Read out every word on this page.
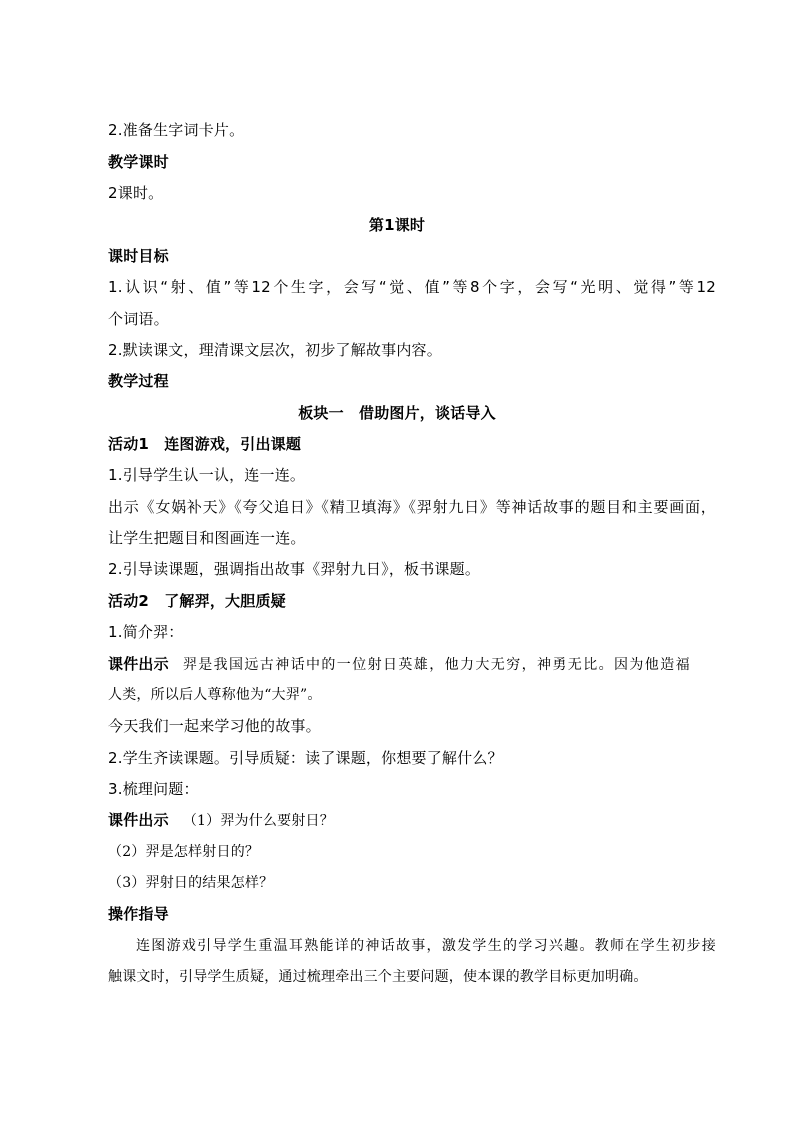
2.准备生字词卡片。
教学课时
2课时。
第1课时
课时目标
1.认识“射、值”等12个生字，会写“觉、值”等8个字，会写“光明、觉得”等12
个词语。
2.默读课文，理清课文层次，初步了解故事内容。
教学过程
板块一　借助图片，谈话导入
活动1　连图游戏，引出课题
1.引导学生认一认，连一连。
出示《女娲补天》《夸父追日》《精卫填海》《羿射九日》等神话故事的题目和主要画面，
让学生把题目和图画连一连。
2.引导读课题，强调指出故事《羿射九日》，板书课题。
活动2　了解羿，大胆质疑
1.简介羿：
课件出示 羿是我国远古神话中的一位射日英雄，他力大无穷，神勇无比。因为他造福
人类，所以后人尊称他为“大羿”。
今天我们一起来学习他的故事。
2.学生齐读课题。引导质疑：读了课题，你想要了解什么？
3.梳理问题：
课件出示 （1）羿为什么要射日？
（2）羿是怎样射日的？
（3）羿射日的结果怎样？
操作指导
连图游戏引导学生重温耳熟能详的神话故事，激发学生的学习兴趣。教师在学生初步接
触课文时，引导学生质疑，通过梳理牵出三个主要问题，使本课的教学目标更加明确。
